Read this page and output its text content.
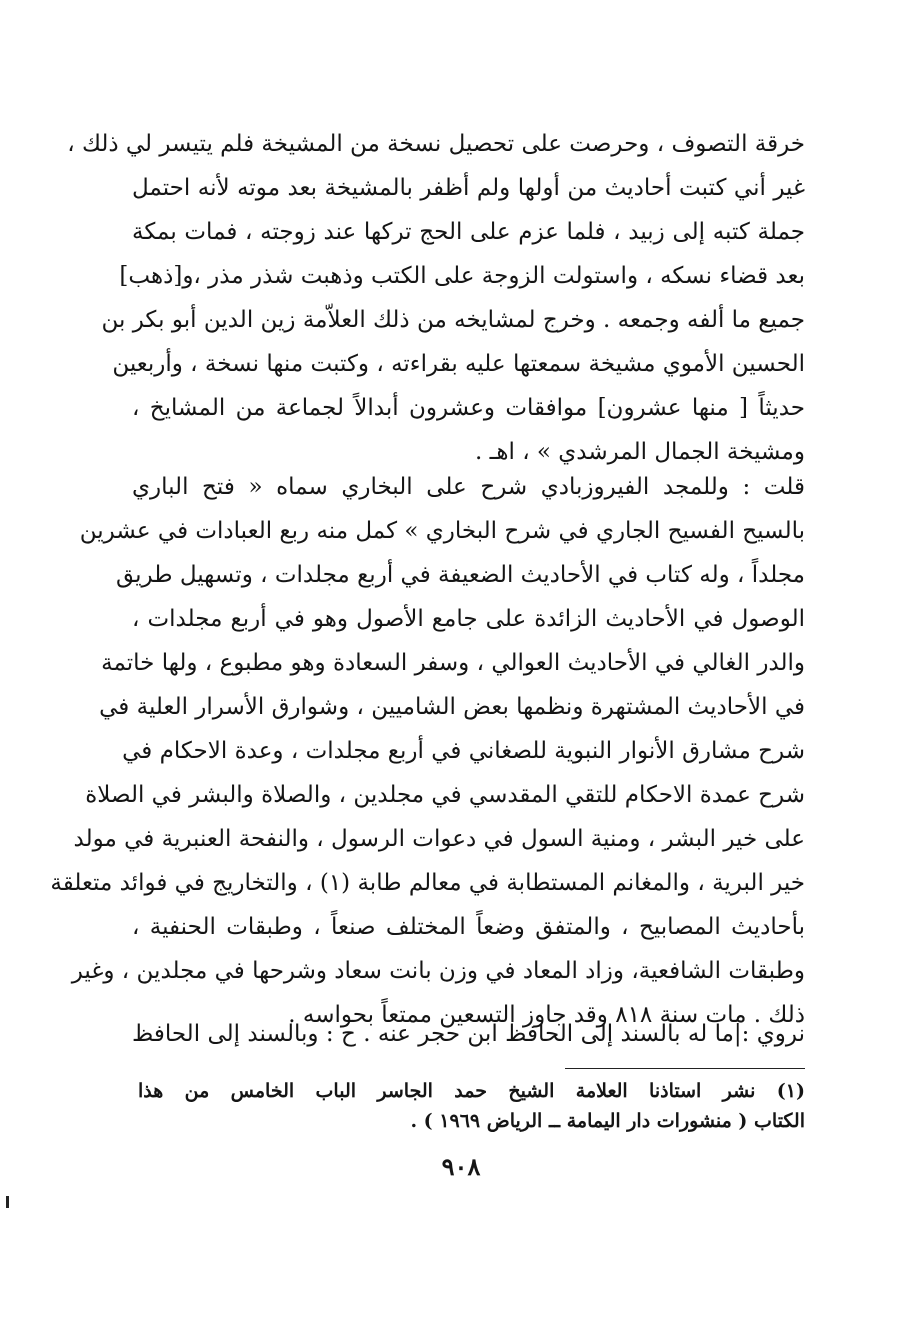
خرقة التصوف ، وحرصت على تحصيل نسخة من المشيخة فلم يتيسر لي ذلك ،
غير أني كتبت أحاديث من أولها ولم أظفر بالمشيخة بعد موته لأنه احتمل
جملة كتبه إلى زبيد ، فلما عزم على الحج تركها عند زوجته ، فمات بمكة
بعد قضاء نسكه ، واستولت الزوجة على الكتب وذهبت شذر مذر ،و[ذهب]
جميع ما ألفه وجمعه . وخرج لمشايخه من ذلك العلاّمة زين الدين أبو بكر بن
الحسين الأموي مشيخة سمعتها عليه بقراءته ، وكتبت منها نسخة ، وأربعين
حديثاً [ منها عشرون] موافقات وعشرون أبدالاً لجماعة من المشايخ ،
ومشيخة الجمال المرشدي » ، اهـ .
قلت : وللمجد الفيروزبادي شرح على البخاري سماه « فتح الباري
بالسيح الفسيح الجاري في شرح البخاري » كمل منه ربع العبادات في عشرين
مجلداً ، وله كتاب في الأحاديث الضعيفة في أربع مجلدات ، وتسهيل طريق
الوصول في الأحاديث الزائدة على جامع الأصول وهو في أربع مجلدات ،
والدر الغالي في الأحاديث العوالي ، وسفر السعادة وهو مطبوع ، ولها خاتمة
في الأحاديث المشتهرة ونظمها بعض الشاميين ، وشوارق الأسرار العلية في
شرح مشارق الأنوار النبوية للصغاني في أربع مجلدات ، وعدة الاحكام في
شرح عمدة الاحكام للتقي المقدسي في مجلدين ، والصلاة والبشر في الصلاة
على خير البشر ، ومنية السول في دعوات الرسول ، والنفحة العنبرية في مولد
خير البرية ، والمغانم المستطابة في معالم طابة (١) ، والتخاريج في فوائد متعلقة
بأحاديث المصابيح ، والمتفق وضعاً المختلف صنعاً ، وطبقات الحنفية ،
وطبقات الشافعية، وزاد المعاد في وزن بانت سعاد وشرحها في مجلدين ، وغير
ذلك . مات سنة ٨١٨ وقد جاوز التسعين ممتعاً بحواسه .
نروي :|ما له بالسند إلى الحافظ ابن حجر عنه . ح : وبالسند إلى الحافظ
(١) نشر استاذنا العلامة الشيخ حمد الجاسر الباب الخامس من هذا
الكتاب ( منشورات دار اليمامة ــ الرياض ١٩٦٩ ) .
٩٠٨
